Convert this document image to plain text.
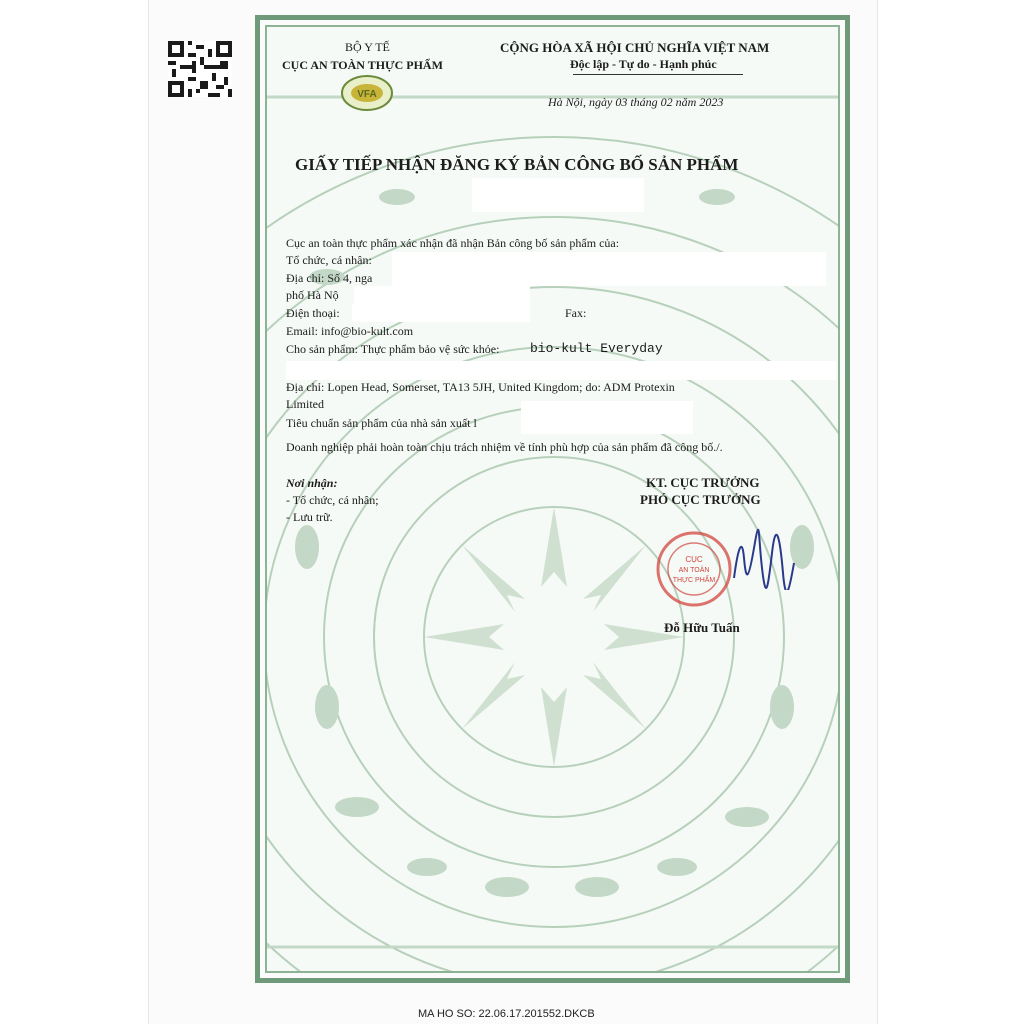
BỘ Y TẾ
CỤC AN TOÀN THỰC PHẨM
VFA
CỘNG HÒA XÃ HỘI CHỦ NGHĨA VIỆT NAM
Độc lập - Tự do - Hạnh phúc
Hà Nội, ngày 03 tháng 02 năm 2023
GIẤY TIẾP NHẬN ĐĂNG KÝ BẢN CÔNG BỐ SẢN PHẨM
Cục an toàn thực phẩm xác nhận đã nhận Bản công bố sản phẩm của:
Tổ chức, cá nhân:
Địa chỉ: Số 4, nga
phố Hà Nộ
Điện thoại:	Fax:
Email: info@bio-kult.com
Cho sản phẩm: Thực phẩm bảo vệ sức khỏe: bio-kult Everyday
Địa chỉ: Lopen Head, Somerset, TA13 5JH, United Kingdom; do: ADM Protexin
Limited
Tiêu chuẩn sản phẩm của nhà sản xuất l
Doanh nghiệp phải hoàn toàn chịu trách nhiệm về tính phù hợp của sản phẩm đã công bố./.
Nơi nhận:
- Tổ chức, cá nhân;
- Lưu trữ.
KT. CỤC TRƯỞNG
PHÓ CỤC TRƯỞNG
CỤC
AN TOÀN
THỰC PHẨM
Đỗ Hữu Tuấn
MA HO SO: 22.06.17.201552.DKCB
